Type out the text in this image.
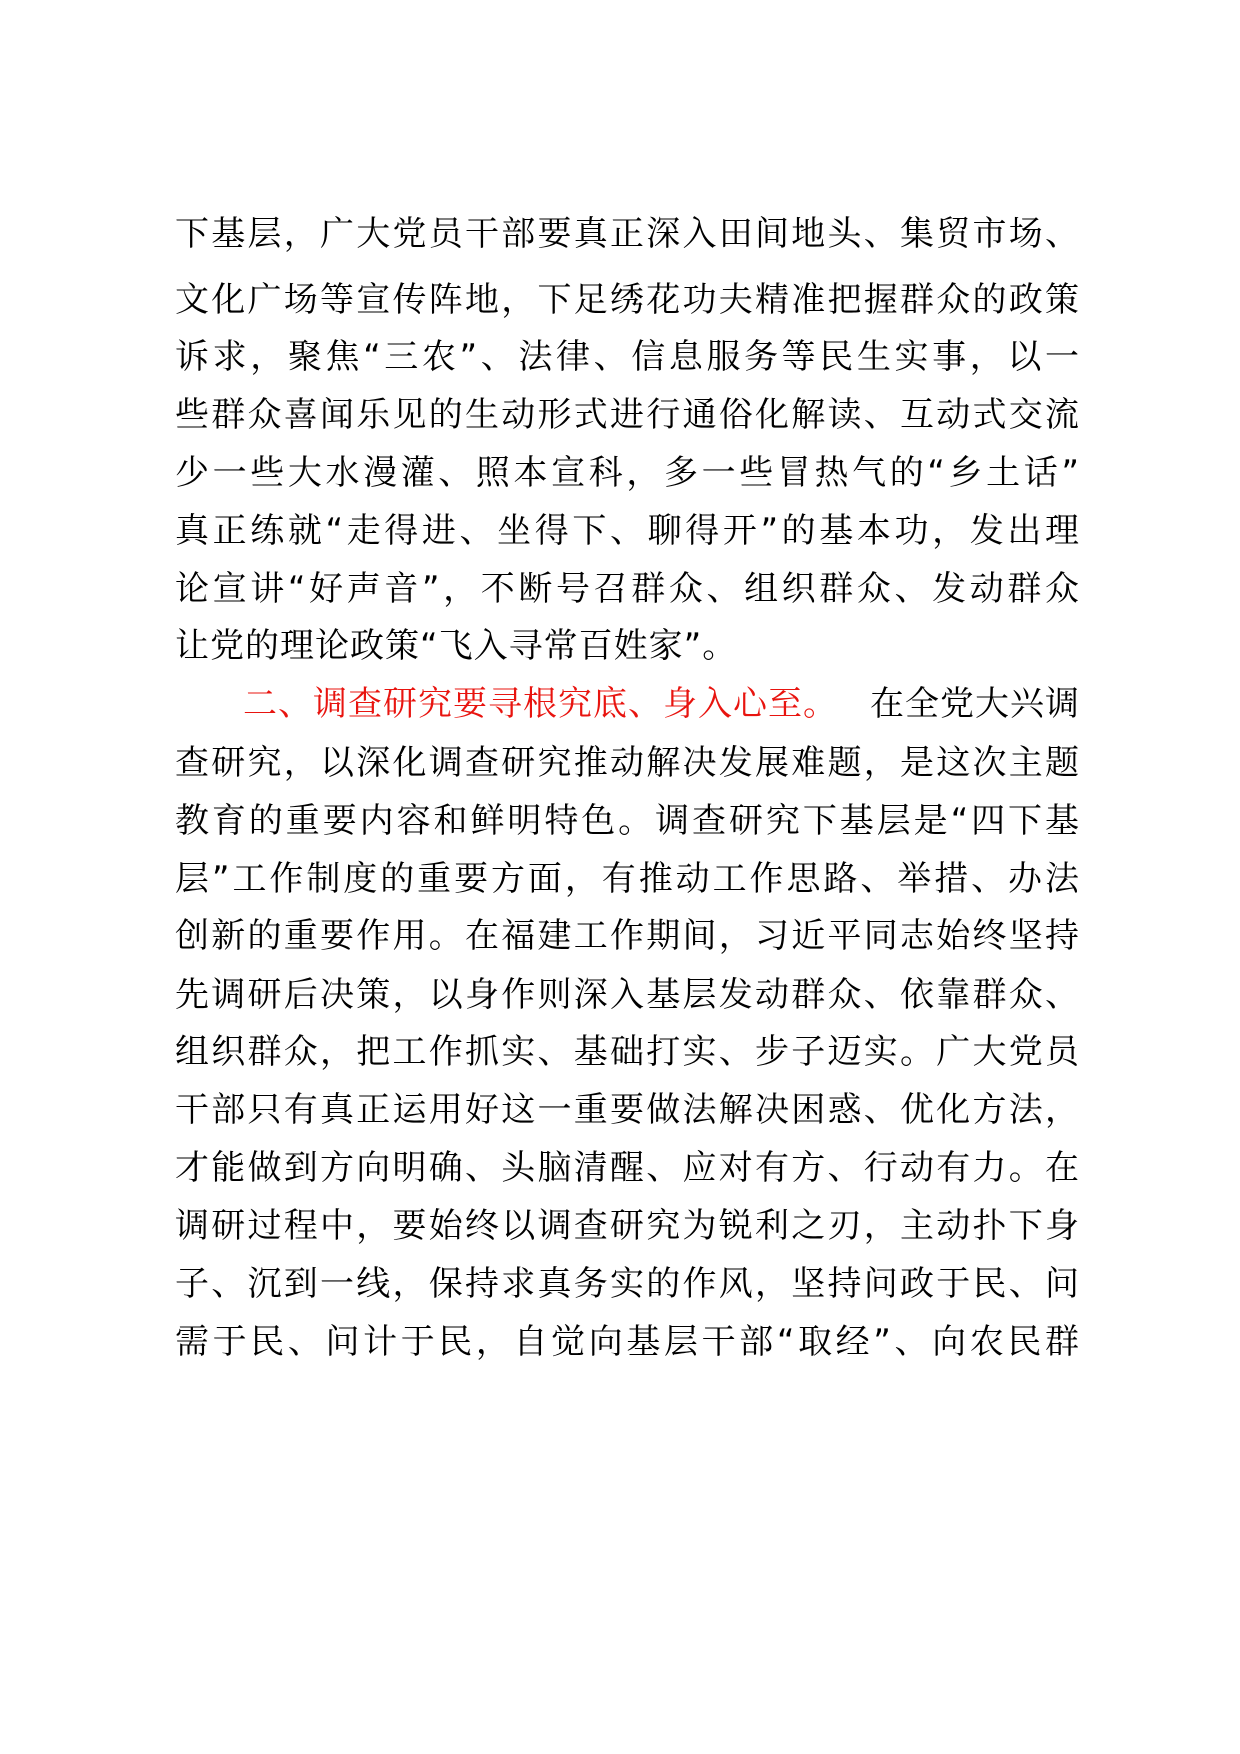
下基层，广大党员干部要真正深入田间地头、集贸市场、
文化广场等宣传阵地，下足绣花功夫精准把握群众的政策
诉求，聚焦“三农”、法律、信息服务等民生实事，以一
些群众喜闻乐见的生动形式进行通俗化解读、互动式交流
少一些大水漫灌、照本宣科，多一些冒热气的“乡土话”
真正练就“走得进、坐得下、聊得开”的基本功，发出理
论宣讲“好声音”，不断号召群众、组织群众、发动群众
让党的理论政策“飞入寻常百姓家”。
二、调查研究要寻根究底、身入心至。 在全党大兴调
查研究，以深化调查研究推动解决发展难题，是这次主题
教育的重要内容和鲜明特色。调查研究下基层是“四下基
层”工作制度的重要方面，有推动工作思路、举措、办法
创新的重要作用。在福建工作期间，习近平同志始终坚持
先调研后决策，以身作则深入基层发动群众、依靠群众、
组织群众，把工作抓实、基础打实、步子迈实。广大党员
干部只有真正运用好这一重要做法解决困惑、优化方法，
才能做到方向明确、头脑清醒、应对有方、行动有力。在
调研过程中，要始终以调查研究为锐利之刃，主动扑下身
子、沉到一线，保持求真务实的作风，坚持问政于民、问
需于民、问计于民，自觉向基层干部“取经”、向农民群
